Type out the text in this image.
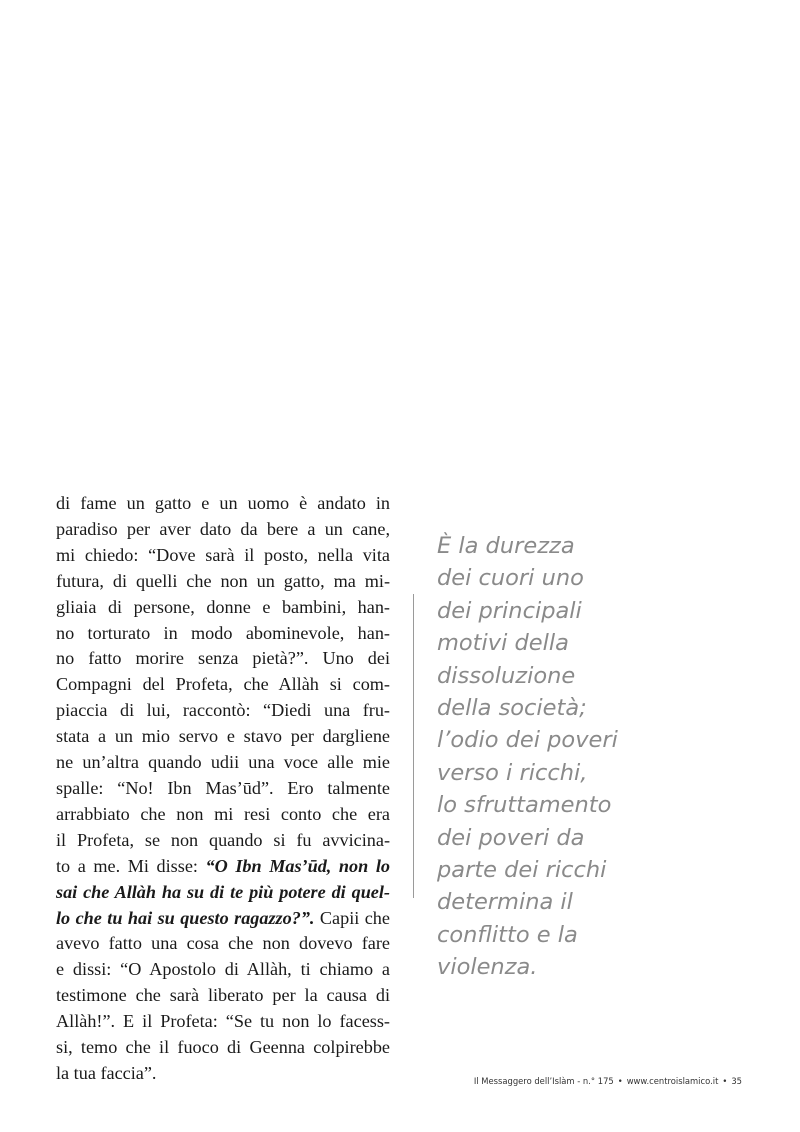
di fame un gatto e un uomo è andato in
paradiso per aver dato da bere a un cane,
mi chiedo: “Dove sarà il posto, nella vita
futura, di quelli che non un gatto, ma mi-
gliaia di persone, donne e bambini, han-
no torturato in modo abominevole, han-
no fatto morire senza pietà?”. Uno dei
Compagni del Profeta, che Allàh si com-
piaccia di lui, raccontò: “Diedi una fru-
stata a un mio servo e stavo per dargliene
ne un’altra quando udii una voce alle mie
spalle: “No! Ibn Mas’ūd”. Ero talmente
arrabbiato che non mi resi conto che era
il Profeta, se non quando si fu avvicina-
to a me. Mi disse: “O Ibn Mas’ūd, non lo
sai che Allàh ha su di te più potere di quel-
lo che tu hai su questo ragazzo?”. Capii che
avevo fatto una cosa che non dovevo fare
e dissi: “O Apostolo di Allàh, ti chiamo a
testimone che sarà liberato per la causa di
Allàh!”. E il Profeta: “Se tu non lo facess-
si, temo che il fuoco di Geenna colpirebbe
la tua faccia”.
È la durezza
dei cuori uno
dei principali
motivi della
dissoluzione
della società;
l’odio dei poveri
verso i ricchi,
lo sfruttamento
dei poveri da
parte dei ricchi
determina il
conflitto e la
violenza.
Il Messaggero dell’Islàm - n.° 175 • www.centroislamico.it • 35
